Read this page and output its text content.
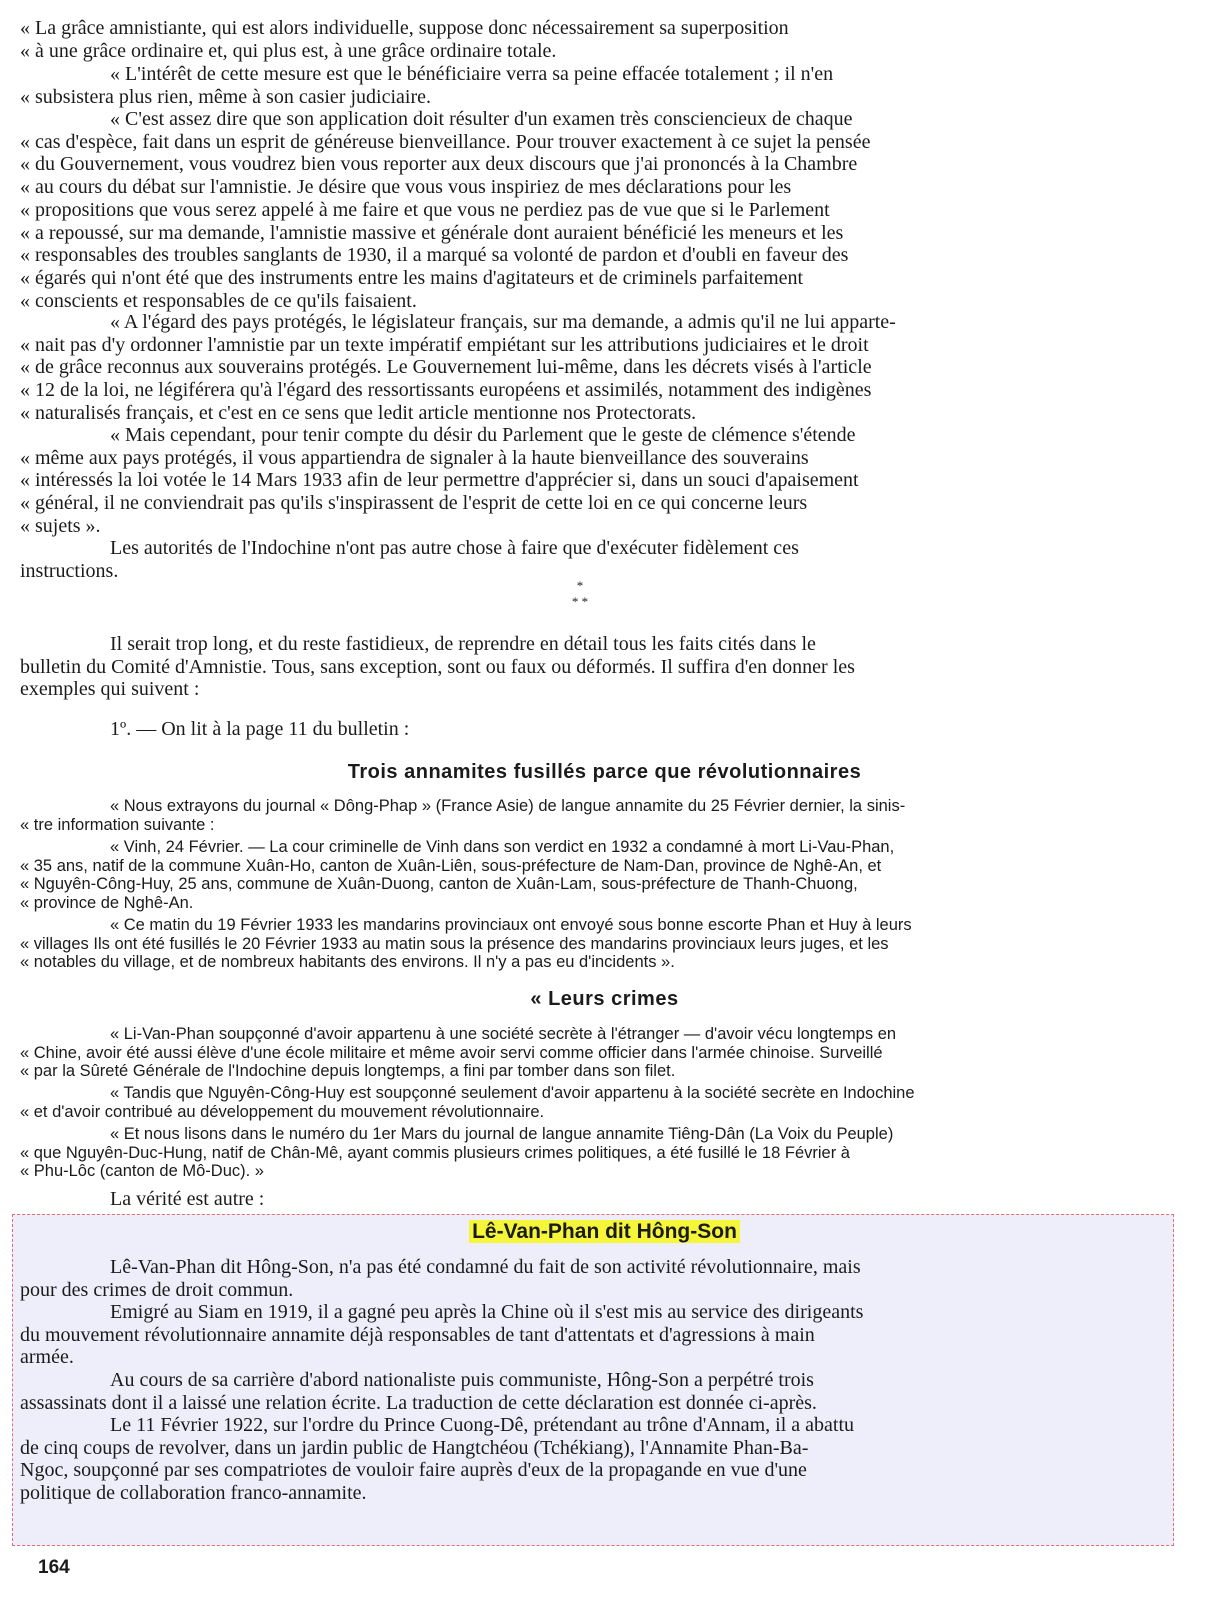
« La grâce amnistiante, qui est alors individuelle, suppose donc nécessairement sa superposition
« à une grâce ordinaire et, qui plus est, à une grâce ordinaire totale.

« L'intérêt de cette mesure est que le bénéficiaire verra sa peine effacée totalement ; il n'en
« subsistera plus rien, même à son casier judiciaire.

« C'est assez dire que son application doit résulter d'un examen très consciencieux de chaque
« cas d'espèce, fait dans un esprit de généreuse bienveillance. Pour trouver exactement à ce sujet la pensée
« du Gouvernement, vous voudrez bien vous reporter aux deux discours que j'ai prononcés à la Chambre
« au cours du débat sur l'amnistie. Je désire que vous vous inspiriez de mes déclarations pour les
« propositions que vous serez appelé à me faire et que vous ne perdiez pas de vue que si le Parlement
« a repoussé, sur ma demande, l'amnistie massive et générale dont auraient bénéficié les meneurs et les
« responsables des troubles sanglants de 1930, il a marqué sa volonté de pardon et d'oubli en faveur des
« égarés qui n'ont été que des instruments entre les mains d'agitateurs et de criminels parfaitement
« conscients et responsables de ce qu'ils faisaient.

« A l'égard des pays protégés, le législateur français, sur ma demande, a admis qu'il ne lui apparte-
« nait pas d'y ordonner l'amnistie par un texte impératif empiétant sur les attributions judiciaires et le droit
« de grâce reconnus aux souverains protégés. Le Gouvernement lui-même, dans les décrets visés à l'article
« 12 de la loi, ne légiférera qu'à l'égard des ressortissants européens et assimilés, notamment des indigènes
« naturalisés français, et c'est en ce sens que ledit article mentionne nos Protectorats.

« Mais cependant, pour tenir compte du désir du Parlement que le geste de clémence s'étende
« même aux pays protégés, il vous appartiendra de signaler à la haute bienveillance des souverains
« intéressés la loi votée le 14 Mars 1933 afin de leur permettre d'apprécier si, dans un souci d'apaisement
« général, il ne conviendrait pas qu'ils s'inspirassent de l'esprit de cette loi en ce qui concerne leurs
« sujets ».

Les autorités de l'Indochine n'ont pas autre chose à faire que d'exécuter fidèlement ces
instructions.

*
* *

Il serait trop long, et du reste fastidieux, de reprendre en détail tous les faits cités dans le
bulletin du Comité d'Amnistie. Tous, sans exception, sont ou faux ou déformés. Il suffira d'en donner les
exemples qui suivent :

1º. — On lit à la page 11 du bulletin :

Trois annamites fusillés parce que révolutionnaires

« Nous extrayons du journal « Dông-Phap » (France Asie) de langue annamite du 25 Février dernier, la sinis-
« tre information suivante :

« Vinh, 24 Février. — La cour criminelle de Vinh dans son verdict en 1932 a condamné à mort Li-Vau-Phan,
« 35 ans, natif de la commune Xuân-Ho, canton de Xuân-Liên, sous-préfecture de Nam-Dan, province de Nghê-An, et
« Nguyên-Công-Huy, 25 ans, commune de Xuân-Duong, canton de Xuân-Lam, sous-préfecture de Thanh-Chuong,
« province de Nghê-An.

« Ce matin du 19 Février 1933 les mandarins provinciaux ont envoyé sous bonne escorte Phan et Huy à leurs
« villages Ils ont été fusillés le 20 Février 1933 au matin sous la présence des mandarins provinciaux leurs juges, et les
« notables du village, et de nombreux habitants des environs. Il n'y a pas eu d'incidents ».

« Leurs crimes

« Li-Van-Phan soupçonné d'avoir appartenu à une société secrète à l'étranger — d'avoir vécu longtemps en
« Chine, avoir été aussi élève d'une école militaire et même avoir servi comme officier dans l'armée chinoise. Surveillé
« par la Sûreté Générale de l'Indochine depuis longtemps, a fini par tomber dans son filet.

« Tandis que Nguyên-Công-Huy est soupçonné seulement d'avoir appartenu à la société secrète en Indochine
« et d'avoir contribué au développement du mouvement révolutionnaire.

« Et nous lisons dans le numéro du 1er Mars du journal de langue annamite Tiêng-Dân (La Voix du Peuple)
« que Nguyên-Duc-Hung, natif de Chân-Mê, ayant commis plusieurs crimes politiques, a été fusillé le 18 Février à
« Phu-Lôc (canton de Mô-Duc). »

La vérité est autre :

Lê-Van-Phan dit Hông-Son

Lê-Van-Phan dit Hông-Son, n'a pas été condamné du fait de son activité révolutionnaire, mais
pour des crimes de droit commun.

Emigré au Siam en 1919, il a gagné peu après la Chine où il s'est mis au service des dirigeants
du mouvement révolutionnaire annamite déjà responsables de tant d'attentats et d'agressions à main
armée.

Au cours de sa carrière d'abord nationaliste puis communiste, Hông-Son a perpétré trois
assassinats dont il a laissé une relation écrite. La traduction de cette déclaration est donnée ci-après.

Le 11 Février 1922, sur l'ordre du Prince Cuong-Dê, prétendant au trône d'Annam, il a abattu
de cinq coups de revolver, dans un jardin public de Hangtchéou (Tchékiang), l'Annamite Phan-Ba-
Ngoc, soupçonné par ses compatriotes de vouloir faire auprès d'eux de la propagande en vue d'une
politique de collaboration franco-annamite.

164
